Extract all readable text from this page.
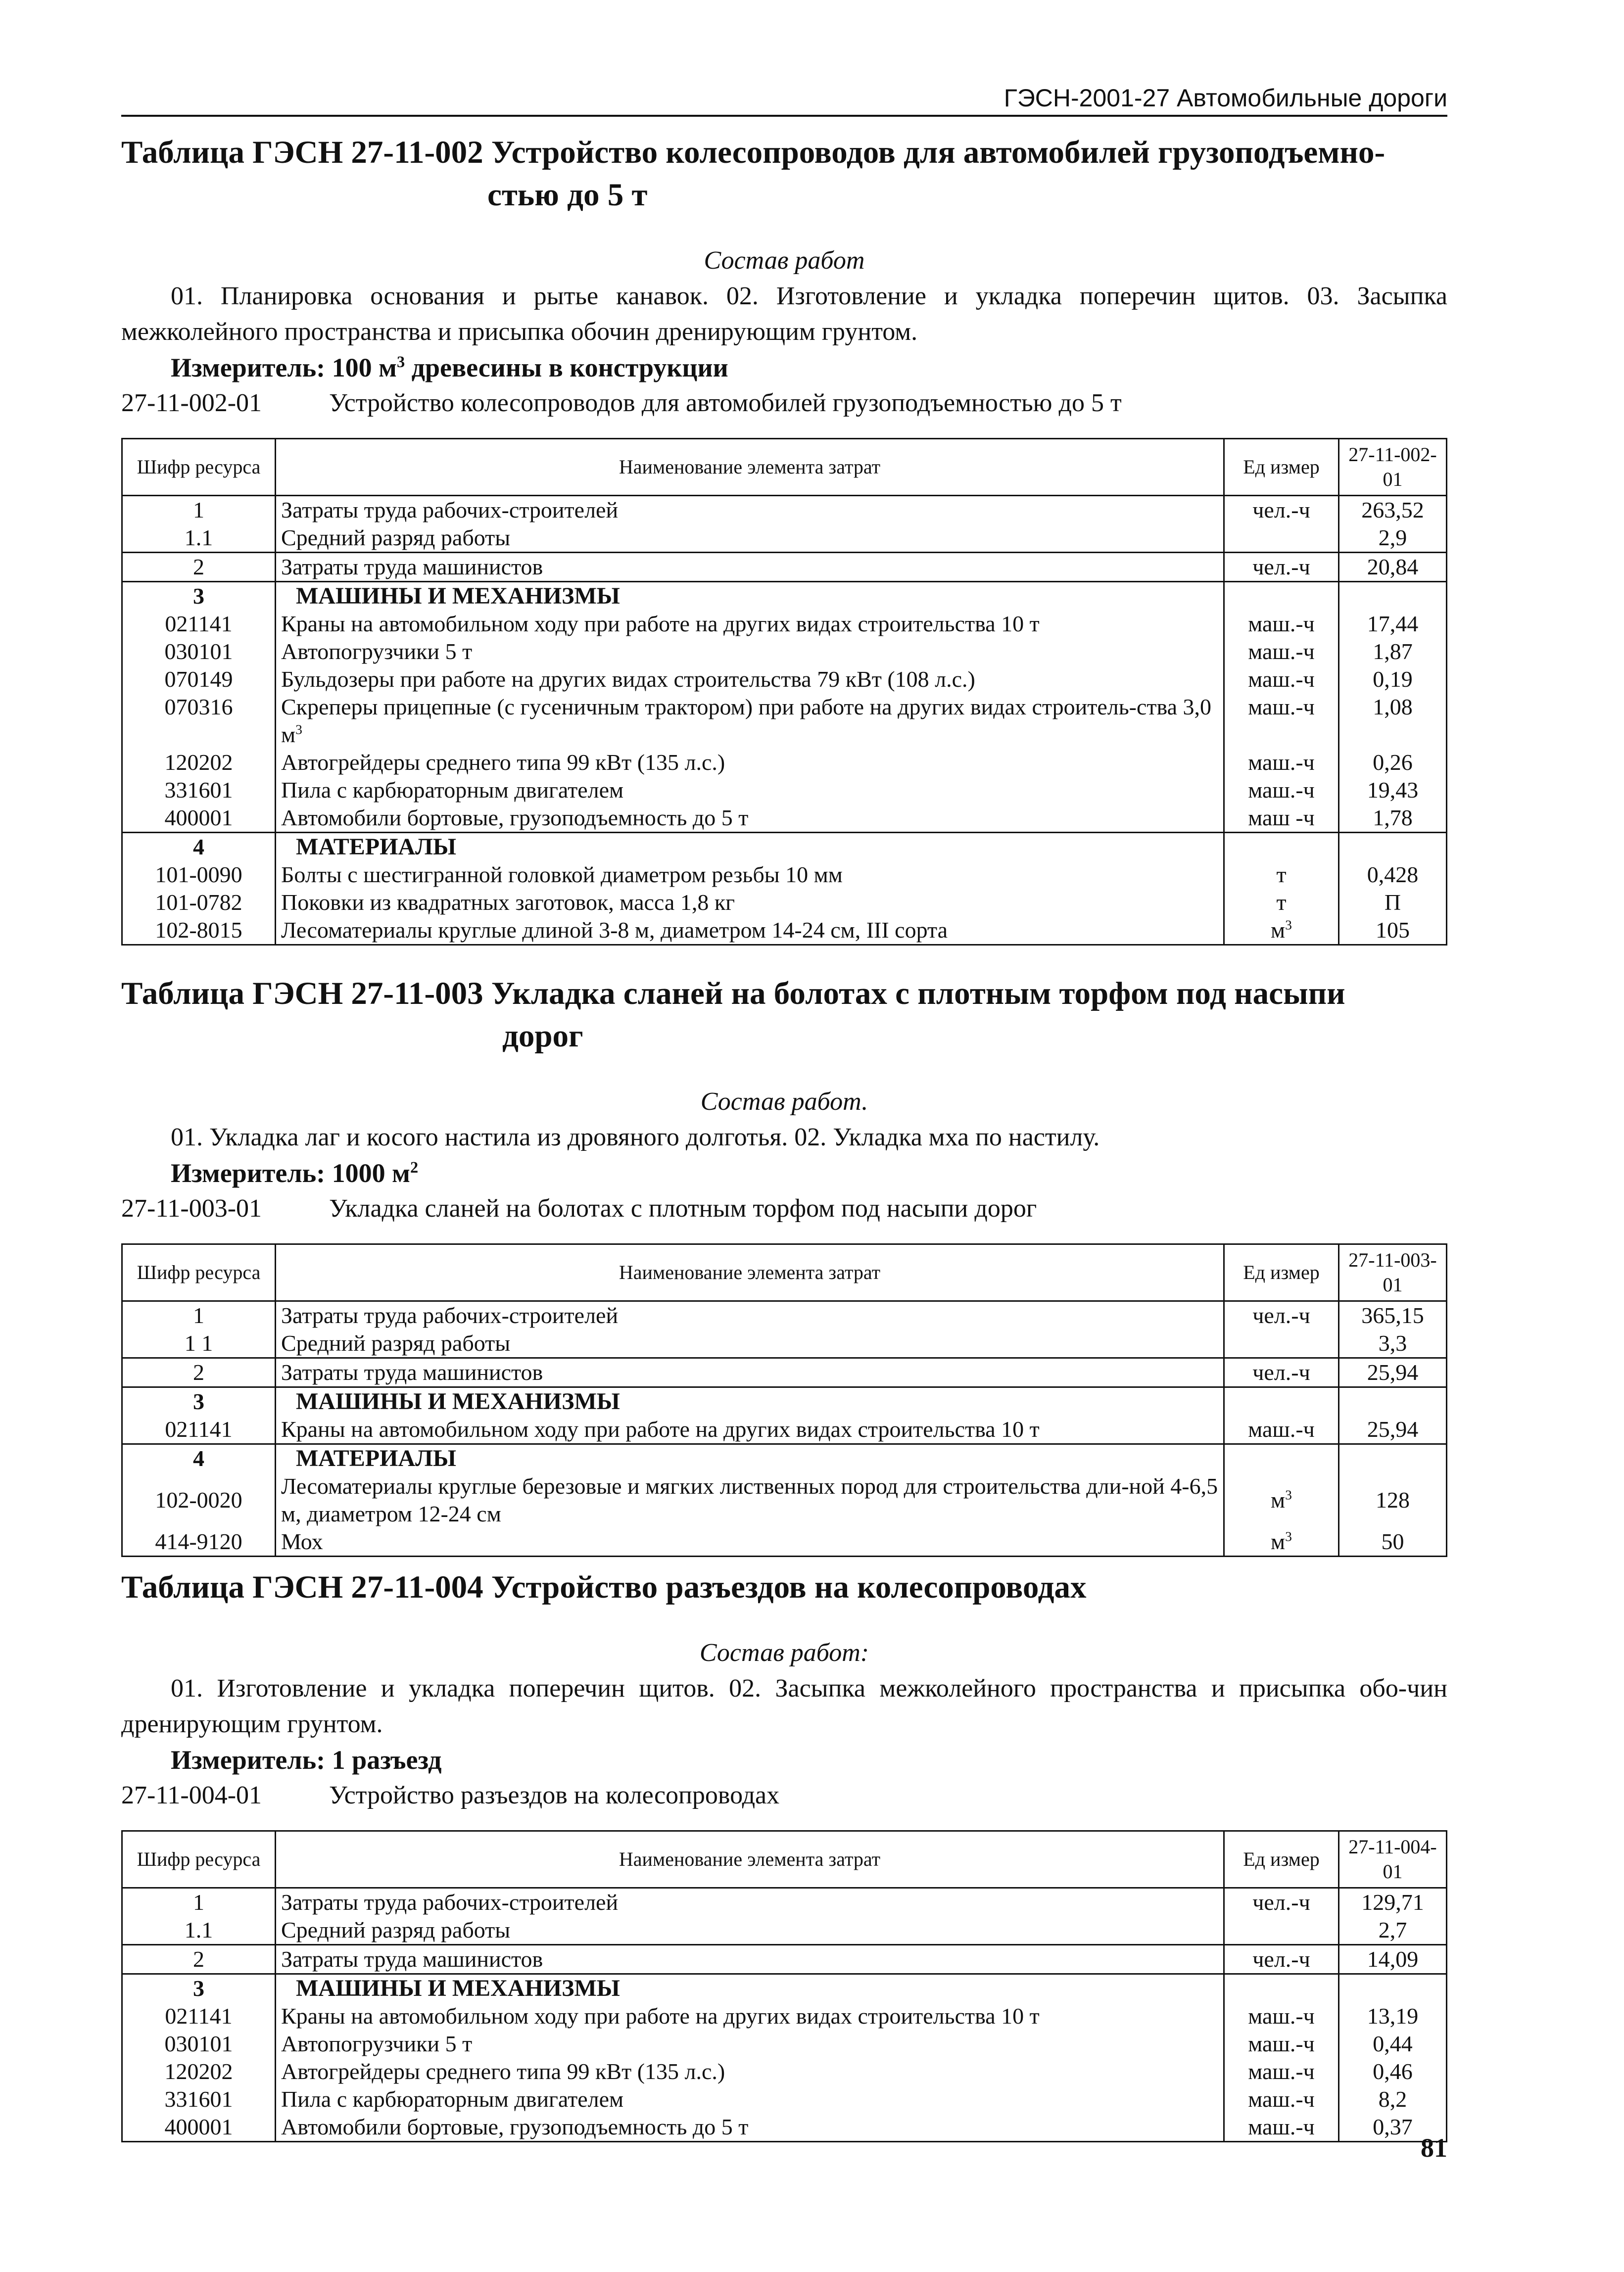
ГЭСН-2001-27 Автомобильные дороги
Таблица ГЭСН 27-11-002 Устройство колесопроводов для автомобилей грузоподъемно-
стью до 5 т
Состав работ

01. Планировка основания и рытье канавок. 02. Изготовление и укладка поперечин щитов. 03. Засыпка межколейного пространства и присыпка обочин дренирующим грунтом.

Измеритель: 100 $м^3$ древесины в конструкции

27-11-002-01	Устройство колесопроводов для автомобилей грузоподъемностью до 5 т

Шифр ресурса	Наименование элемента затрат	Ед измер	27-11-002-01
1	Затраты труда рабочих-строителей	чел.-ч	263,52
1.1	Средний разряд работы		2,9
2	Затраты труда машинистов	чел.-ч	20,84
3	МАШИНЫ И МЕХАНИЗМЫ		
021141	Краны на автомобильном ходу при работе на других видах строительства 10 т	маш.-ч	17,44
030101	Автопогрузчики 5 т	маш.-ч	1,87
070149	Бульдозеры при работе на других видах строительства 79 кВт (108 л.с.)	маш.-ч	0,19
070316	Скреперы прицепные (с гусеничным трактором) при работе на других видах строитель-ства 3,0 $м^3$	маш.-ч	1,08
120202	Автогрейдеры среднего типа 99 кВт (135 л.с.)	маш.-ч	0,26
331601	Пила с карбюраторным двигателем	маш.-ч	19,43
400001	Автомобили бортовые, грузоподъемность до 5 т	маш -ч	1,78
4	МАТЕРИАЛЫ		
101-0090	Болты с шестигранной головкой диаметром резьбы 10 мм	т	0,428
101-0782	Поковки из квадратных заготовок, масса 1,8 кг	т	П
102-8015	Лесоматериалы круглые длиной 3-8 м, диаметром 14-24 см, III сорта	$м^3$	105
Таблица ГЭСН 27-11-003 Укладка сланей на болотах с плотным торфом под насыпи
дорог
Состав работ.

01. Укладка лаг и косого настила из дровяного долготья. 02. Укладка мха по настилу.

Измеритель: 1000 $м^2$

27-11-003-01	Укладка сланей на болотах с плотным торфом под насыпи дорог

Шифр ресурса	Наименование элемента затрат	Ед измер	27-11-003-01
1	Затраты труда рабочих-строителей	чел.-ч	365,15
1 1	Средний разряд работы		3,3
2	Затраты труда машинистов	чел.-ч	25,94
3	МАШИНЫ И МЕХАНИЗМЫ		
021141	Краны на автомобильном ходу при работе на других видах строительства 10 т	маш.-ч	25,94
4	МАТЕРИАЛЫ		
102-0020	Лесоматериалы круглые березовые и мягких лиственных пород для строительства дли-ной 4-6,5 м, диаметром 12-24 см	$м^3$	128
414-9120	Мох	$м^3$	50
Таблица ГЭСН 27-11-004 Устройство разъездов на колесопроводах
Состав работ:

01. Изготовление и укладка поперечин щитов. 02. Засыпка межколейного пространства и присыпка обо-чин дренирующим грунтом.

Измеритель: 1 разъезд

27-11-004-01	Устройство разъездов на колесопроводах

Шифр ресурса	Наименование элемента затрат	Ед измер	27-11-004-01
1	Затраты труда рабочих-строителей	чел.-ч	129,71
1.1	Средний разряд работы		2,7
2	Затраты труда машинистов	чел.-ч	14,09
3	МАШИНЫ И МЕХАНИЗМЫ		
021141	Краны на автомобильном ходу при работе на других видах строительства 10 т	маш.-ч	13,19
030101	Автопогрузчики 5 т	маш.-ч	0,44
120202	Автогрейдеры среднего типа 99 кВт (135 л.с.)	маш.-ч	0,46
331601	Пила с карбюраторным двигателем	маш.-ч	8,2
400001	Автомобили бортовые, грузоподъемность до 5 т	маш.-ч	0,37
81
